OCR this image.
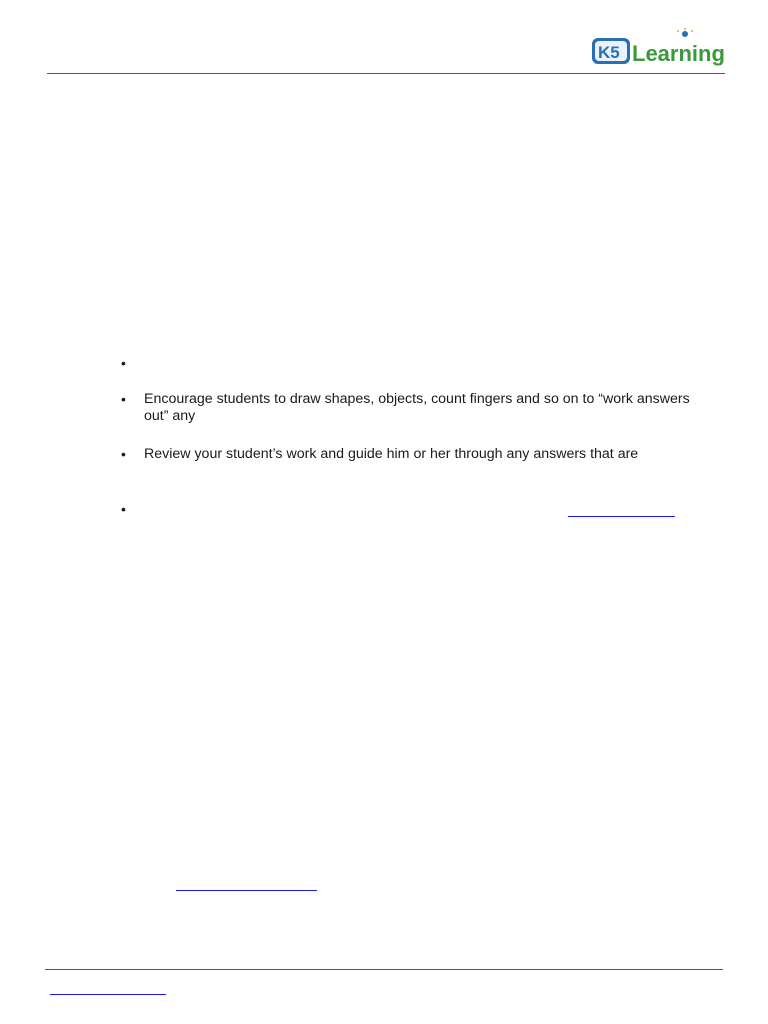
K5 Learning
•
• Encourage students to draw shapes, objects, count fingers and so on to “work answers out” any
• Review your student’s work and guide him or her through any answers that are
•
